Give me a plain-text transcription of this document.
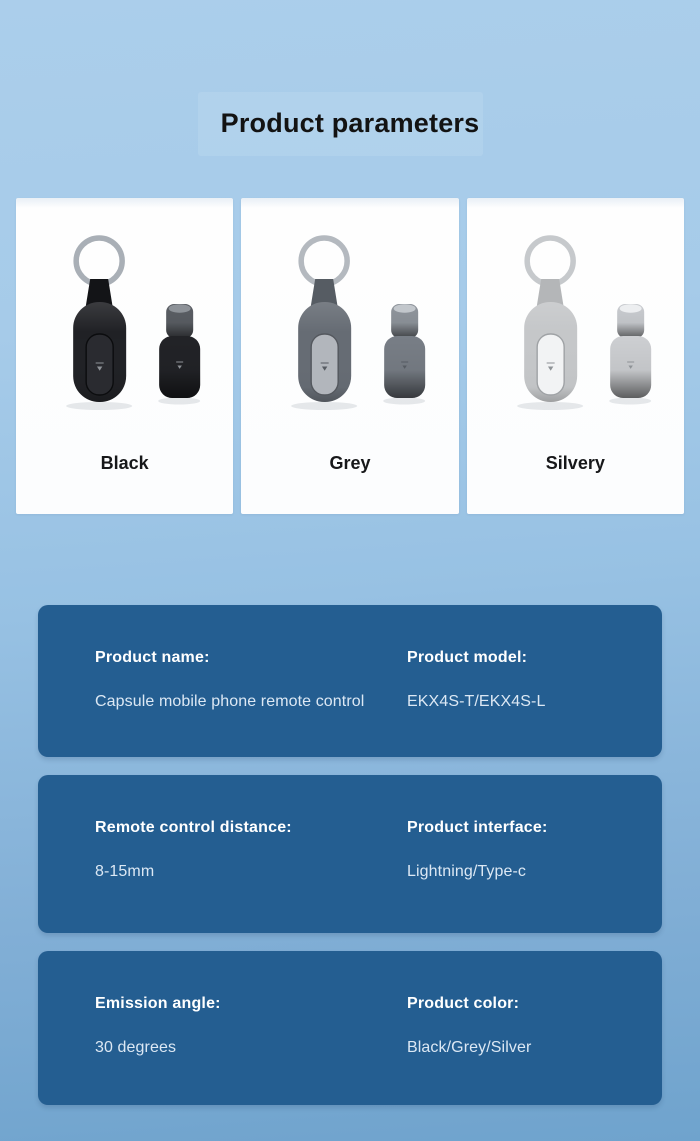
Product parameters
Black	Grey	Silvery
Product name:
Capsule mobile phone remote control
Product model:
EKX4S-T/EKX4S-L
Remote control distance:
8-15mm
Product interface:
Lightning/Type-c
Emission angle:
30 degrees
Product color:
Black/Grey/Silver
